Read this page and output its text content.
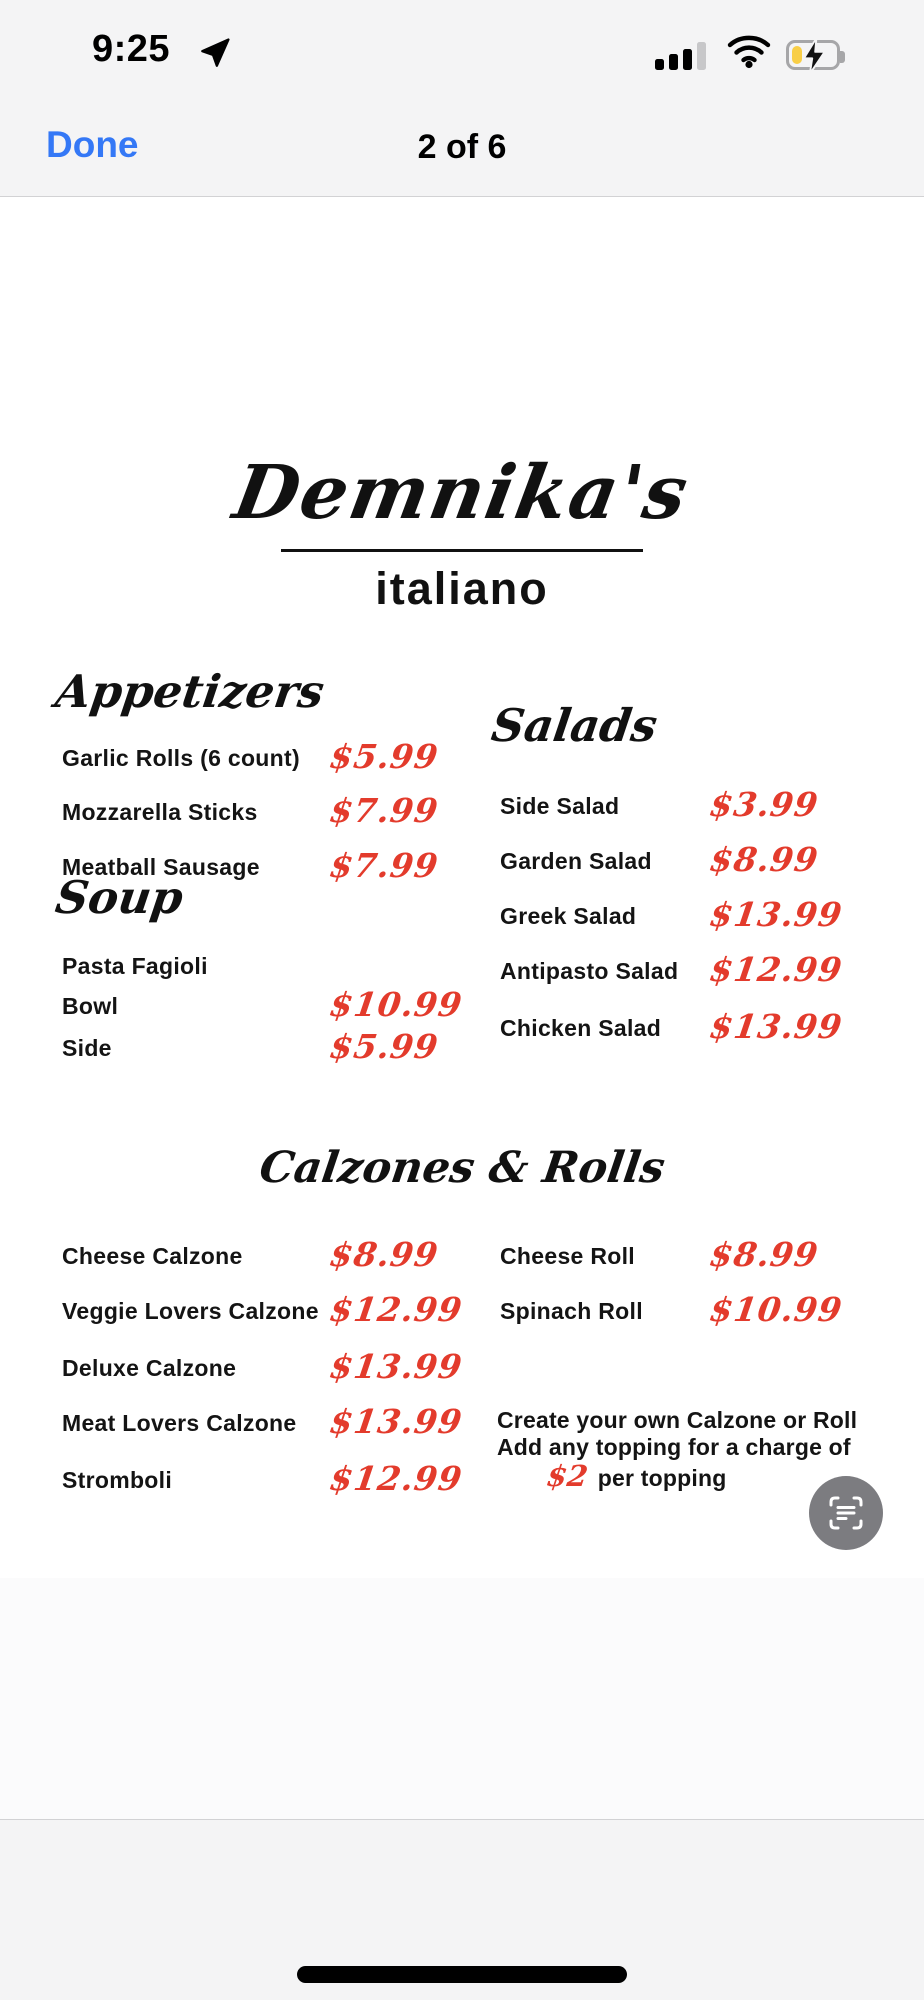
9:25
Done	2 of 6
Demnika's
italiano
Appetizers
Garlic Rolls (6 count) $5.99
Mozzarella Sticks $7.99
Meatball Sausage $7.99
Soup
Pasta Fagioli
Bowl	$10.99
Side	$5.99
Salads
Side Salad	$3.99
Garden Salad $8.99
Greek Salad $13.99
Antipasto Salad $12.99
Chicken Salad $13.99
Calzones & Rolls
Cheese Calzone	$8.99
Veggie Lovers Calzone $12.99
Deluxe Calzone	$13.99
Meat Lovers Calzone $13.99
Stromboli	$12.99
Cheese Roll $8.99
Spinach Roll $10.99
Create your own Calzone or Roll
Add any topping for a charge of
$2 per topping
